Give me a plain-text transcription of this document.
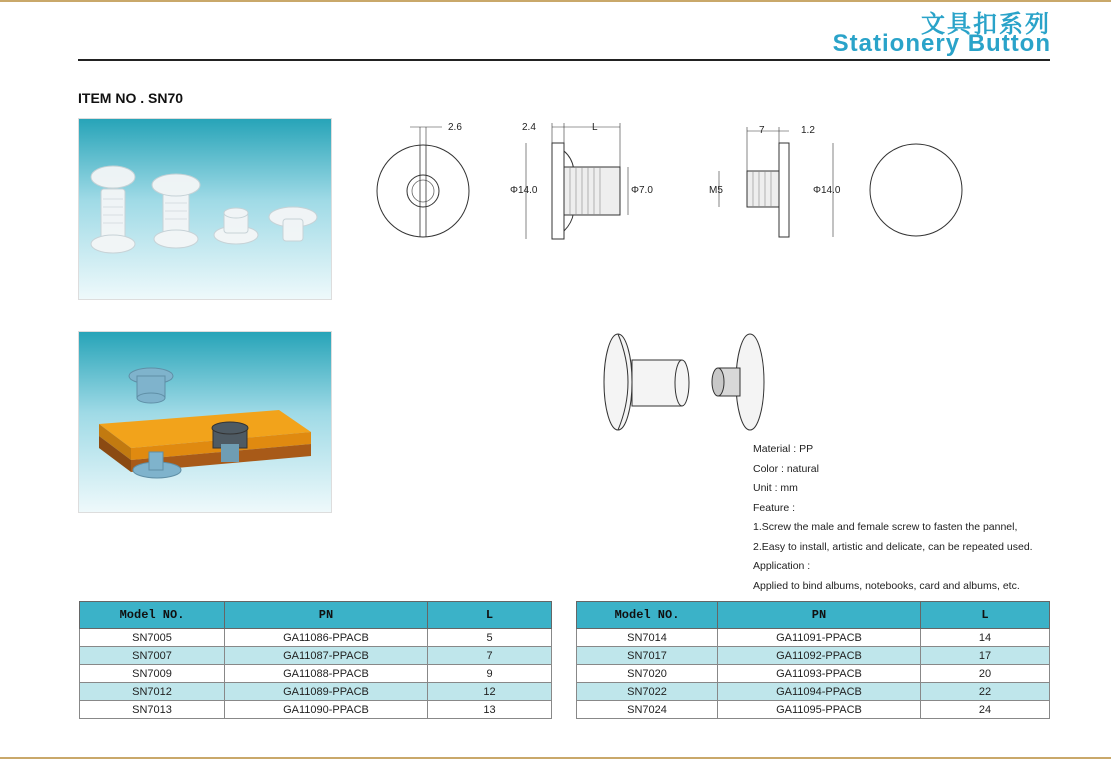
文具扣系列
Stationery Button
ITEM NO . SN70
2.6	2.4	L
Φ14.0	Φ7.0
7	1.2
M5	Φ14.0
Material : PP
Color : natural
Unit : mm
Feature :
1.Screw the male and female screw to fasten the pannel,
2.Easy to install, artistic and delicate, can be repeated used.
Application :
Applied to bind albums, notebooks, card and albums, etc.
Model NO.	PN	L
SN7005	GA11086-PPACB	5
SN7007	GA11087-PPACB	7
SN7009	GA11088-PPACB	9
SN7012	GA11089-PPACB	12
SN7013	GA11090-PPACB	13
Model NO.	PN	L
SN7014	GA11091-PPACB	14
SN7017	GA11092-PPACB	17
SN7020	GA11093-PPACB	20
SN7022	GA11094-PPACB	22
SN7024	GA11095-PPACB	24
